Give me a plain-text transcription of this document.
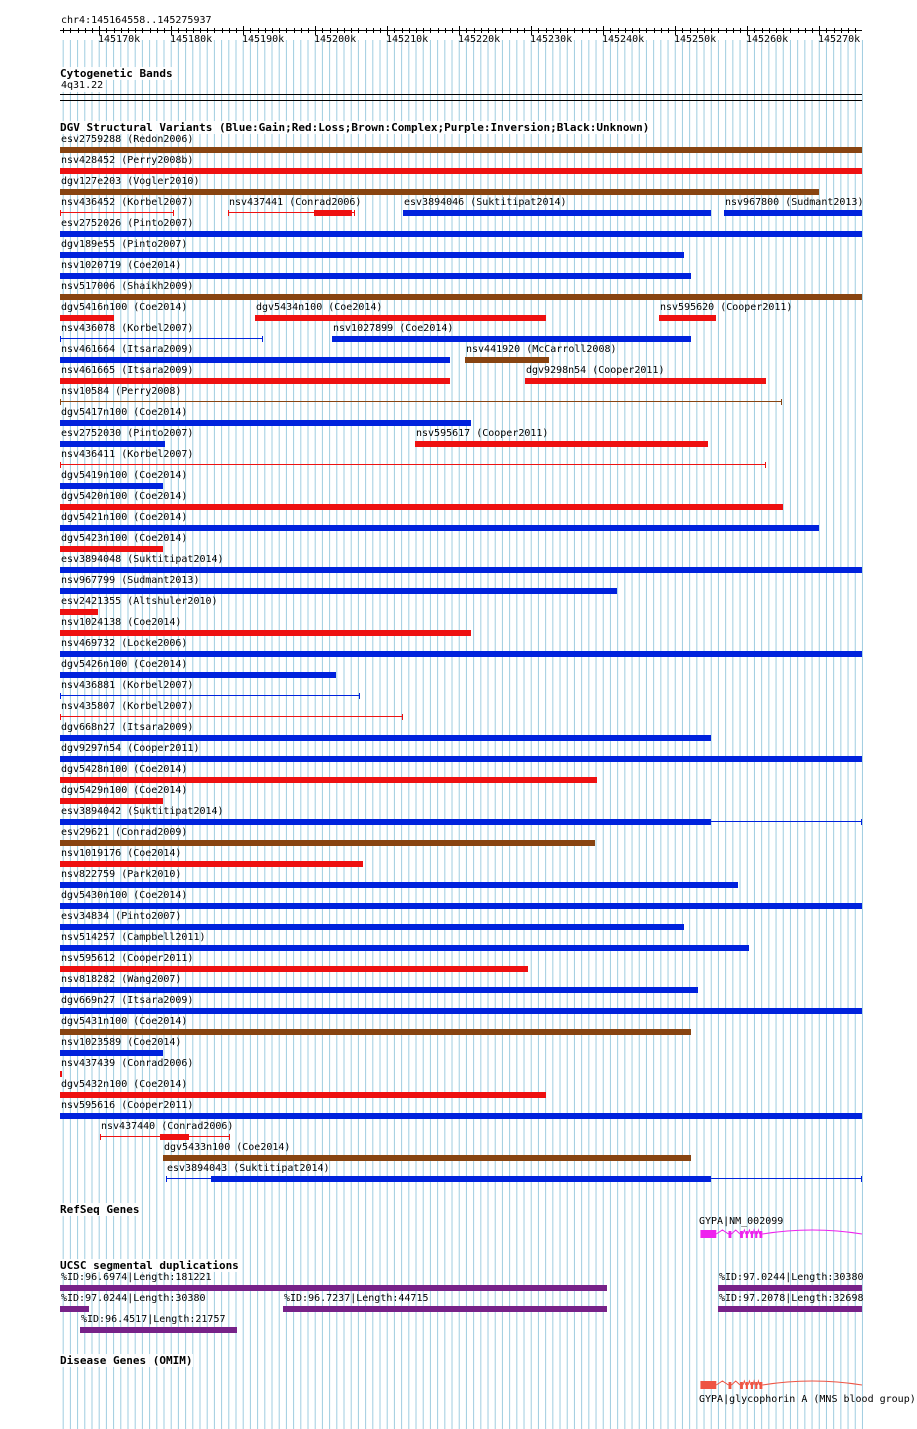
chr4:145164558..145275937
145170k	145180k	145190k	145200k	145210k	145220k	145230k	145240k	145250k	145260k	145270k
Cytogenetic Bands
4q31.22
DGV Structural Variants (Blue:Gain;Red:Loss;Brown:Complex;Purple:Inversion;Black:Unknown)
esv2759288 (Redon2006)
nsv428452 (Perry2008b)
dgv127e203 (Vogler2010)
nsv436452 (Korbel2007)	nsv437441 (Conrad2006)	esv3894046 (Suktitipat2014)	nsv967800 (Sudmant2013)
esv2752026 (Pinto2007)
dgv189e55 (Pinto2007)
nsv1020719 (Coe2014)
nsv517006 (Shaikh2009)
dgv5416n100 (Coe2014)	dgv5434n100 (Coe2014)	nsv595620 (Cooper2011)
nsv436078 (Korbel2007)	nsv1027899 (Coe2014)
nsv461664 (Itsara2009)	nsv441920 (McCarroll2008)
nsv461665 (Itsara2009)	dgv9298n54 (Cooper2011)
nsv10584 (Perry2008)
dgv5417n100 (Coe2014)
esv2752030 (Pinto2007)	nsv595617 (Cooper2011)
nsv436411 (Korbel2007)
dgv5419n100 (Coe2014)
dgv5420n100 (Coe2014)
dgv5421n100 (Coe2014)
dgv5423n100 (Coe2014)
esv3894048 (Suktitipat2014)
nsv967799 (Sudmant2013)
esv2421355 (Altshuler2010)
nsv1024138 (Coe2014)
nsv469732 (Locke2006)
dgv5426n100 (Coe2014)
nsv436881 (Korbel2007)
nsv435807 (Korbel2007)
dgv668n27 (Itsara2009)
dgv9297n54 (Cooper2011)
dgv5428n100 (Coe2014)
dgv5429n100 (Coe2014)
esv3894042 (Suktitipat2014)
esv29621 (Conrad2009)
nsv1019176 (Coe2014)
nsv822759 (Park2010)
dgv5430n100 (Coe2014)
esv34834 (Pinto2007)
nsv514257 (Campbell2011)
nsv595612 (Cooper2011)
nsv818282 (Wang2007)
dgv669n27 (Itsara2009)
dgv5431n100 (Coe2014)
nsv1023589 (Coe2014)
nsv437439 (Conrad2006)
dgv5432n100 (Coe2014)
nsv595616 (Cooper2011)
nsv437440 (Conrad2006)
dgv5433n100 (Coe2014)
esv3894043 (Suktitipat2014)
RefSeq Genes
GYPA|NM_002099
UCSC segmental duplications
%ID:96.6974|Length:181221	%ID:97.0244|Length:30380
%ID:97.0244|Length:30380	%ID:96.7237|Length:44715	%ID:97.2078|Length:32698
%ID:96.4517|Length:21757
Disease Genes (OMIM)
GYPA|glycophorin A (MNS blood group)
